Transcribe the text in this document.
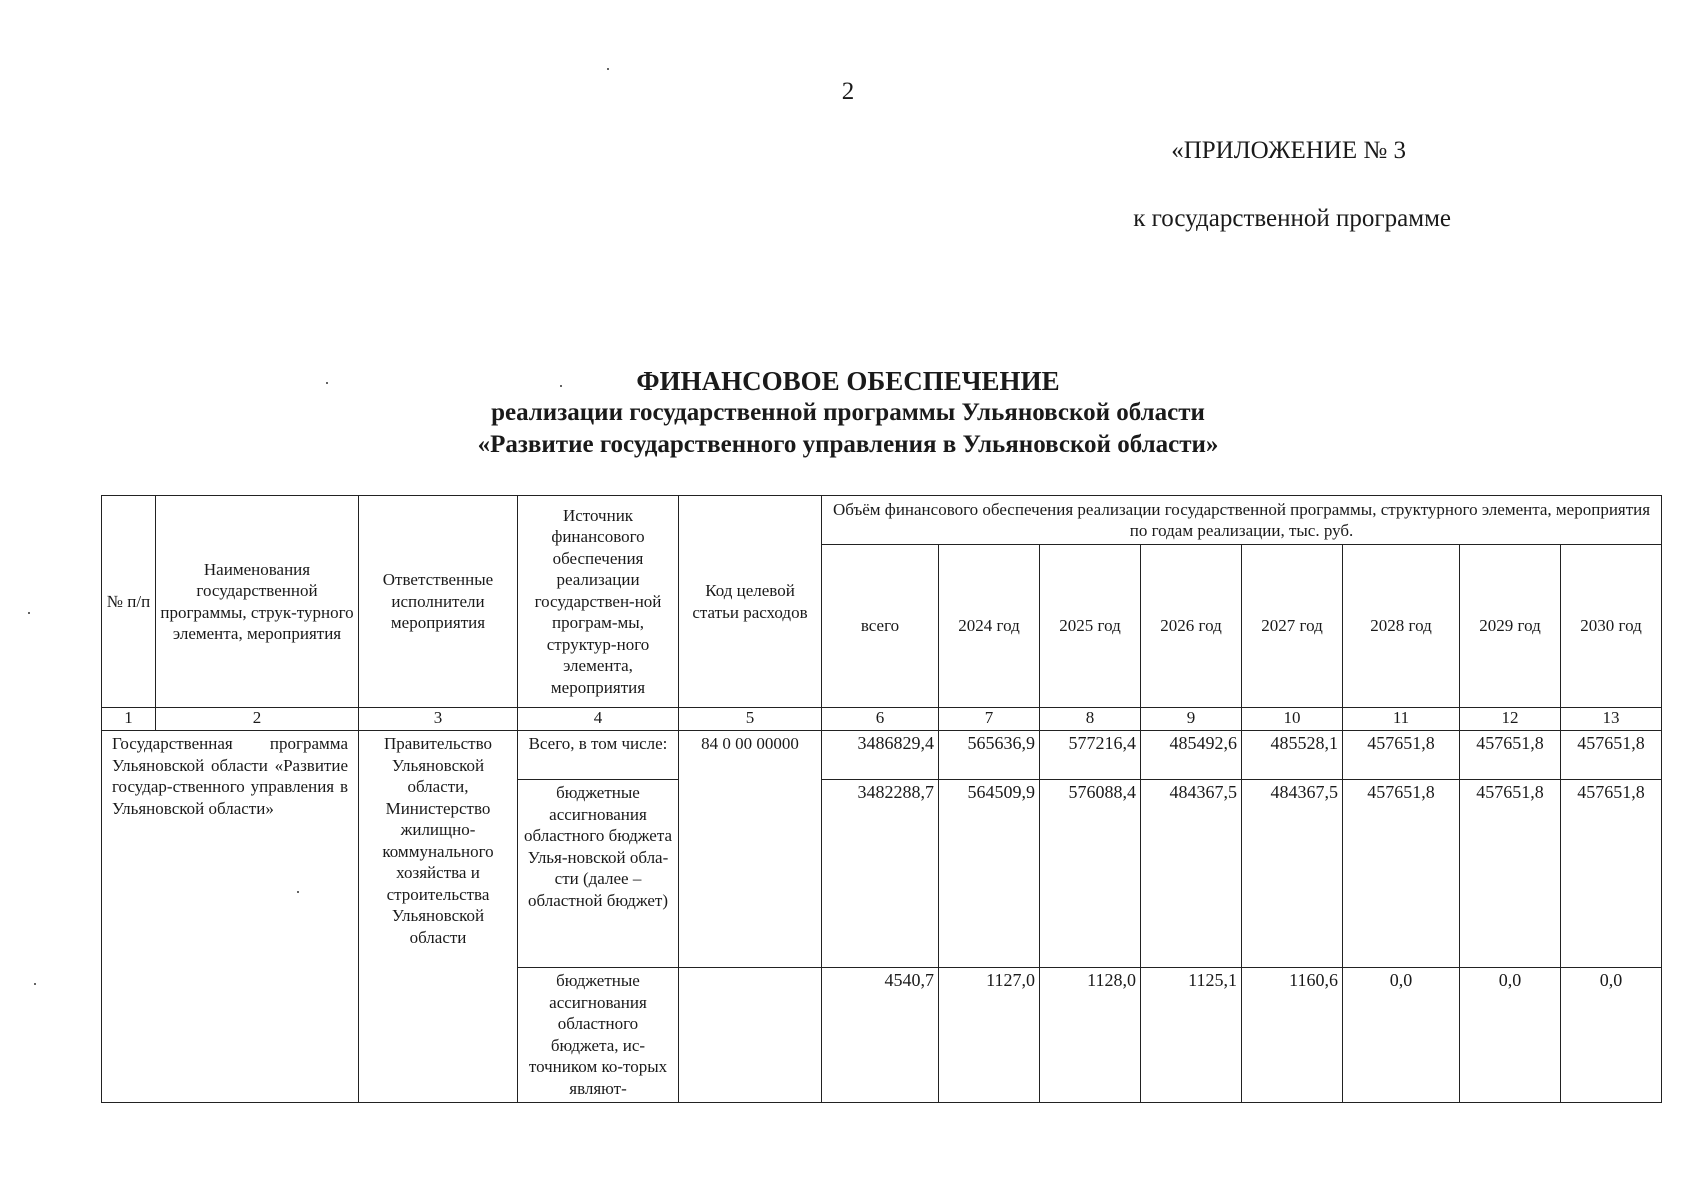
2
«ПРИЛОЖЕНИЕ № 3
к государственной программе
ФИНАНСОВОЕ ОБЕСПЕЧЕНИЕ
реализации государственной программы Ульяновской области
«Развитие государственного управления в Ульяновской области»
№ п/п	Наименования государственной программы, струк-турного элемента, мероприятия	Ответственные исполнители мероприятия	Источник финансового обеспечения реализации государствен-ной програм-мы, структур-ного элемента, мероприятия	Код целевой статьи расходов	Объём финансового обеспечения реализации государственной программы, структурного элемента, мероприятия по годам реализации, тыс. руб.							
					всего	2024 год	2025 год	2026 год	2027 год	2028 год	2029 год	2030 год
1	2	3	4	5	6	7	8	9	10	11	12	13
Государственная программа Ульяновской области «Развитие государ-ственного управления в Ульяновской области»		Правительство Ульяновской области, Министерство жилищно-коммунального хозяйства и строительства Ульяновской области	Всего, в том числе:	84 0 00 00000	3486829,4	565636,9	577216,4	485492,6	485528,1	457651,8	457651,8	457651,8
			бюджетные ассигнования областного бюджета Улья-новской обла-сти (далее – областной бюджет)		3482288,7	564509,9	576088,4	484367,5	484367,5	457651,8	457651,8	457651,8
			бюджетные ассигнования областного бюджета, ис-точником ко-торых являют-		4540,7	1127,0	1128,0	1125,1	1160,6	0,0	0,0	0,0
